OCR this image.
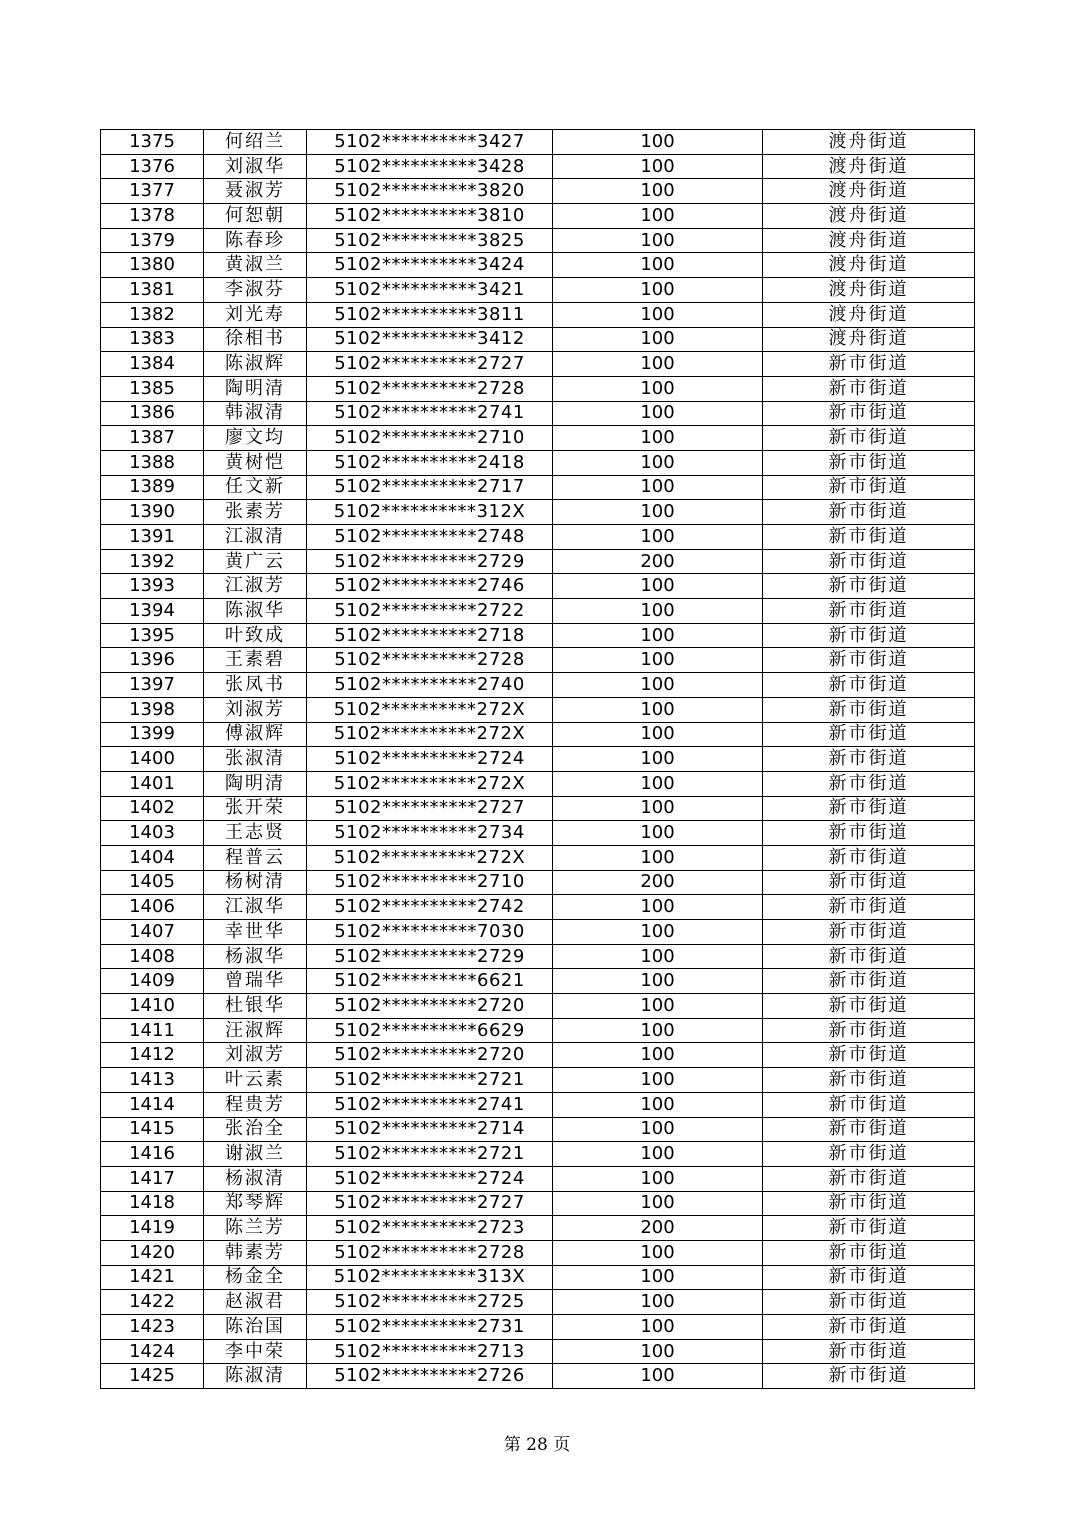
1375	何绍兰	5102**********3427	100	渡舟街道
1376	刘淑华	5102**********3428	100	渡舟街道
1377	聂淑芳	5102**********3820	100	渡舟街道
1378	何恕朝	5102**********3810	100	渡舟街道
1379	陈春珍	5102**********3825	100	渡舟街道
1380	黄淑兰	5102**********3424	100	渡舟街道
1381	李淑芬	5102**********3421	100	渡舟街道
1382	刘光寿	5102**********3811	100	渡舟街道
1383	徐相书	5102**********3412	100	渡舟街道
1384	陈淑辉	5102**********2727	100	新市街道
1385	陶明清	5102**********2728	100	新市街道
1386	韩淑清	5102**********2741	100	新市街道
1387	廖文均	5102**********2710	100	新市街道
1388	黄树恺	5102**********2418	100	新市街道
1389	任文新	5102**********2717	100	新市街道
1390	张素芳	5102**********312X	100	新市街道
1391	江淑清	5102**********2748	100	新市街道
1392	黄广云	5102**********2729	200	新市街道
1393	江淑芳	5102**********2746	100	新市街道
1394	陈淑华	5102**********2722	100	新市街道
1395	叶致成	5102**********2718	100	新市街道
1396	王素碧	5102**********2728	100	新市街道
1397	张凤书	5102**********2740	100	新市街道
1398	刘淑芳	5102**********272X	100	新市街道
1399	傅淑辉	5102**********272X	100	新市街道
1400	张淑清	5102**********2724	100	新市街道
1401	陶明清	5102**********272X	100	新市街道
1402	张开荣	5102**********2727	100	新市街道
1403	王志贤	5102**********2734	100	新市街道
1404	程普云	5102**********272X	100	新市街道
1405	杨树清	5102**********2710	200	新市街道
1406	江淑华	5102**********2742	100	新市街道
1407	幸世华	5102**********7030	100	新市街道
1408	杨淑华	5102**********2729	100	新市街道
1409	曾瑞华	5102**********6621	100	新市街道
1410	杜银华	5102**********2720	100	新市街道
1411	汪淑辉	5102**********6629	100	新市街道
1412	刘淑芳	5102**********2720	100	新市街道
1413	叶云素	5102**********2721	100	新市街道
1414	程贵芳	5102**********2741	100	新市街道
1415	张治全	5102**********2714	100	新市街道
1416	谢淑兰	5102**********2721	100	新市街道
1417	杨淑清	5102**********2724	100	新市街道
1418	郑琴辉	5102**********2727	100	新市街道
1419	陈兰芳	5102**********2723	200	新市街道
1420	韩素芳	5102**********2728	100	新市街道
1421	杨金全	5102**********313X	100	新市街道
1422	赵淑君	5102**********2725	100	新市街道
1423	陈治国	5102**********2731	100	新市街道
1424	李中荣	5102**********2713	100	新市街道
1425	陈淑清	5102**********2726	100	新市街道
第 28 页
